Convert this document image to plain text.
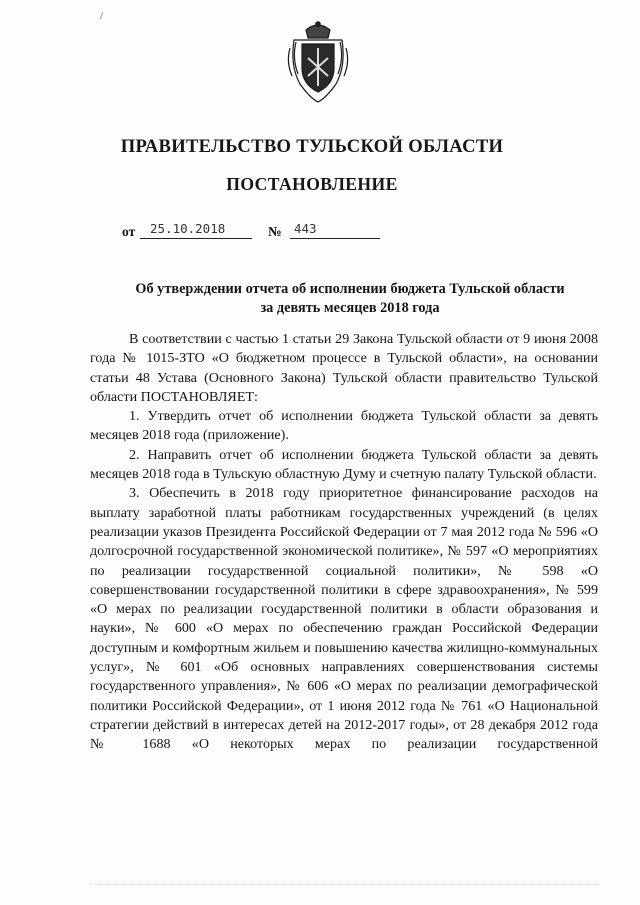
/
ПРАВИТЕЛЬСТВО ТУЛЬСКОЙ ОБЛАСТИ
ПОСТАНОВЛЕНИЕ
от 25.10.2018	№ 443
Об утверждении отчета об исполнении бюджета Тульской области
за девять месяцев 2018 года

В соответствии с частью 1 статьи 29 Закона Тульской области от 9 июня 2008 года № 1015-ЗТО «О бюджетном процессе в Тульской области», на основании статьи 48 Устава (Основного Закона) Тульской области правительство Тульской области ПОСТАНОВЛЯЕТ:

1. Утвердить отчет об исполнении бюджета Тульской области за девять месяцев 2018 года (приложение).

2. Направить отчет об исполнении бюджета Тульской области за девять месяцев 2018 года в Тульскую областную Думу и счетную палату Тульской области.

3. Обеспечить в 2018 году приоритетное финансирование расходов на выплату заработной платы работникам государственных учреждений (в целях реализации указов Президента Российской Федерации от 7 мая 2012 года № 596 «О долгосрочной государственной экономической политике», № 597 «О мероприятиях по реализации государственной социальной политики», № 598 «О совершенствовании государственной политики в сфере здравоохранения», № 599 «О мерах по реализации государственной политики в области образования и науки», № 600 «О мерах по обеспечению граждан Российской Федерации доступным и комфортным жильем и повышению качества жилищно-коммунальных услуг», № 601 «Об основных направлениях совершенствования системы государственного управления», № 606 «О мерах по реализации демографической политики Российской Федерации», от 1 июня 2012 года № 761 «О Национальной стратегии действий в интересах детей на 2012-2017 годы», от 28 декабря 2012 года № 1688 «О некоторых мерах по реализации государственной
